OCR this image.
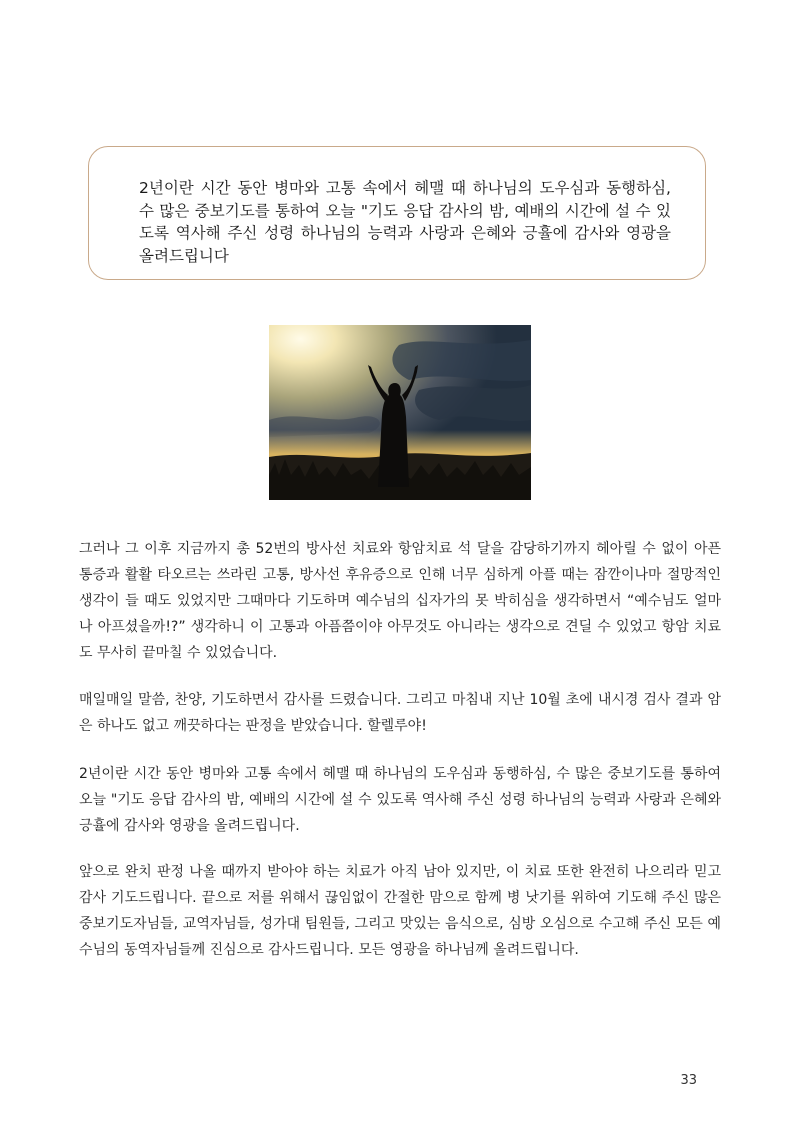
2년이란 시간 동안 병마와 고통 속에서 헤맬 때 하나님의 도우심과 동행하심, 수 많은 중보기도를 통하여 오늘 "기도 응답 감사의 밤, 예배의 시간에 설 수 있도록 역사해 주신 성령 하나님의 능력과 사랑과 은혜와 긍휼에 감사와 영광을 올려드립니다

그러나 그 이후 지금까지 총 52번의 방사선 치료와 항암치료 석 달을 감당하기까지 헤아릴 수 없이 아픈 통증과 활활 타오르는 쓰라린 고통, 방사선 후유증으로 인해 너무 심하게 아플 때는 잠깐이나마 절망적인 생각이 들 때도 있었지만 그때마다 기도하며 예수님의 십자가의 못 박히심을 생각하면서 “예수님도 얼마나 아프셨을까!?” 생각하니 이 고통과 아픔쯤이야 아무것도 아니라는 생각으로 견딜 수 있었고 항암 치료도 무사히 끝마칠 수 있었습니다.

매일매일 말씀, 찬양, 기도하면서 감사를 드렸습니다. 그리고 마침내 지난 10월 초에 내시경 검사 결과 암은 하나도 없고 깨끗하다는 판정을 받았습니다. 할렐루야!

2년이란 시간 동안 병마와 고통 속에서 헤맬 때 하나님의 도우심과 동행하심, 수 많은 중보기도를 통하여 오늘 "기도 응답 감사의 밤, 예배의 시간에 설 수 있도록 역사해 주신 성령 하나님의 능력과 사랑과 은혜와 긍휼에 감사와 영광을 올려드립니다.

앞으로 완치 판정 나올 때까지 받아야 하는 치료가 아직 남아 있지만, 이 치료 또한 완전히 나으리라 믿고 감사 기도드립니다. 끝으로 저를 위해서 끊임없이 간절한 맘으로 함께 병 낫기를 위하여 기도해 주신 많은 중보기도자님들, 교역자님들, 성가대 팀원들, 그리고 맛있는 음식으로, 심방 오심으로 수고해 주신 모든 예수님의 동역자님들께 진심으로 감사드립니다. 모든 영광을 하나님께 올려드립니다.

33
